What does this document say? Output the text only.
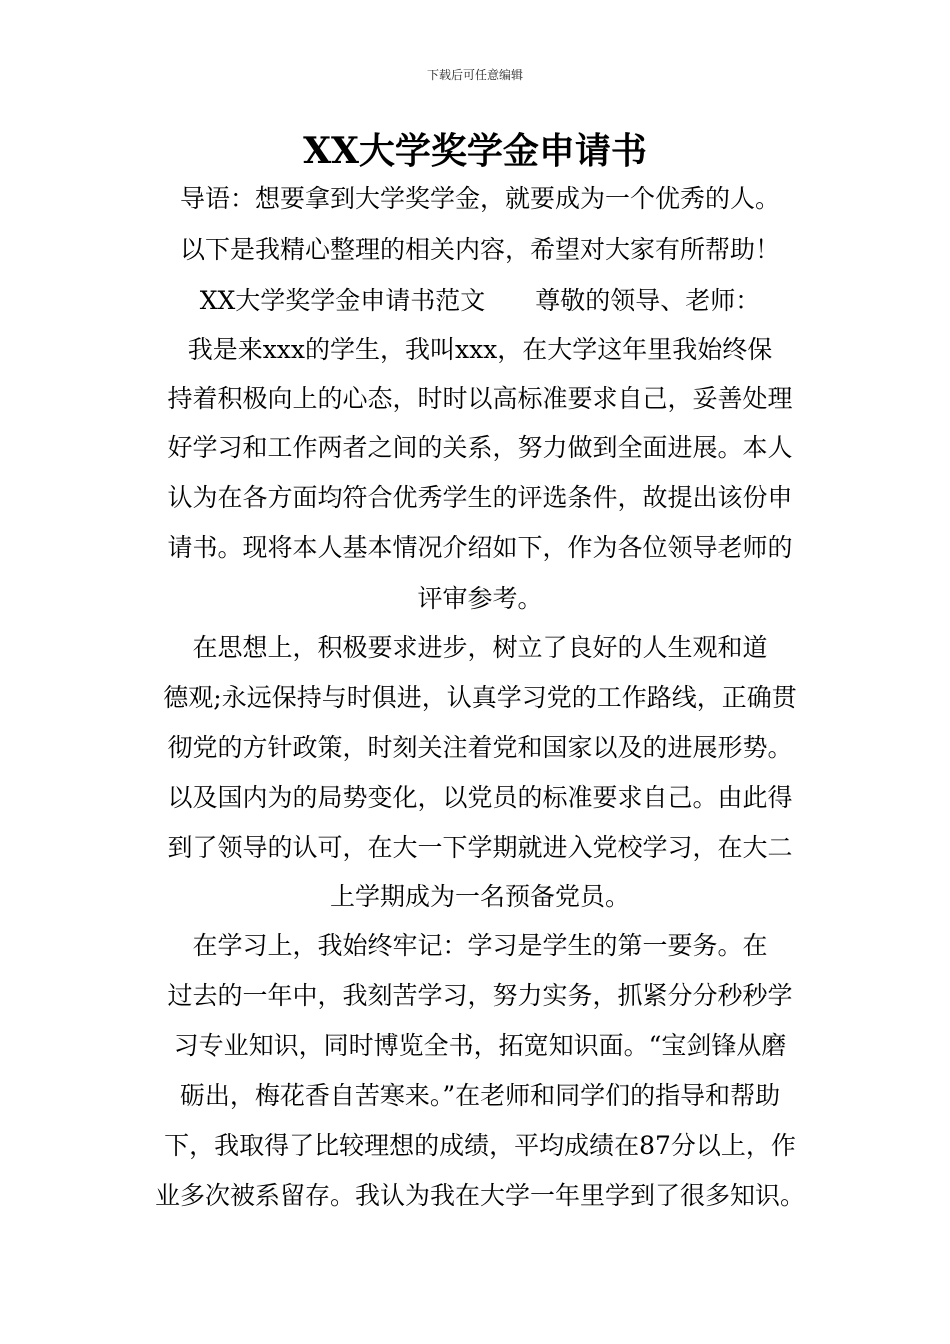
下载后可任意编辑
XX大学奖学金申请书
导语：想要拿到大学奖学金，就要成为一个优秀的人。
以下是我精心整理的相关内容，希望对大家有所帮助！
XX大学奖学金申请书范文 尊敬的领导、老师：
我是来xxx的学生，我叫xxx，在大学这年里我始终保
持着积极向上的心态，时时以高标准要求自己，妥善处理
好学习和工作两者之间的关系，努力做到全面进展。本人
认为在各方面均符合优秀学生的评选条件，故提出该份申
请书。现将本人基本情况介绍如下，作为各位领导老师的
评审参考。
在思想上，积极要求进步，树立了良好的人生观和道
德观;永远保持与时俱进，认真学习党的工作路线，正确贯
彻党的方针政策，时刻关注着党和国家以及的进展形势。
以及国内为的局势变化，以党员的标准要求自己。由此得
到了领导的认可，在大一下学期就进入党校学习，在大二
上学期成为一名预备党员。
在学习上，我始终牢记：学习是学生的第一要务。在
过去的一年中，我刻苦学习，努力实务，抓紧分分秒秒学
习专业知识，同时博览全书，拓宽知识面。“宝剑锋从磨
砺出，梅花香自苦寒来。”在老师和同学们的指导和帮助
下，我取得了比较理想的成绩，平均成绩在87分以上，作
业多次被系留存。我认为我在大学一年里学到了很多知识。
